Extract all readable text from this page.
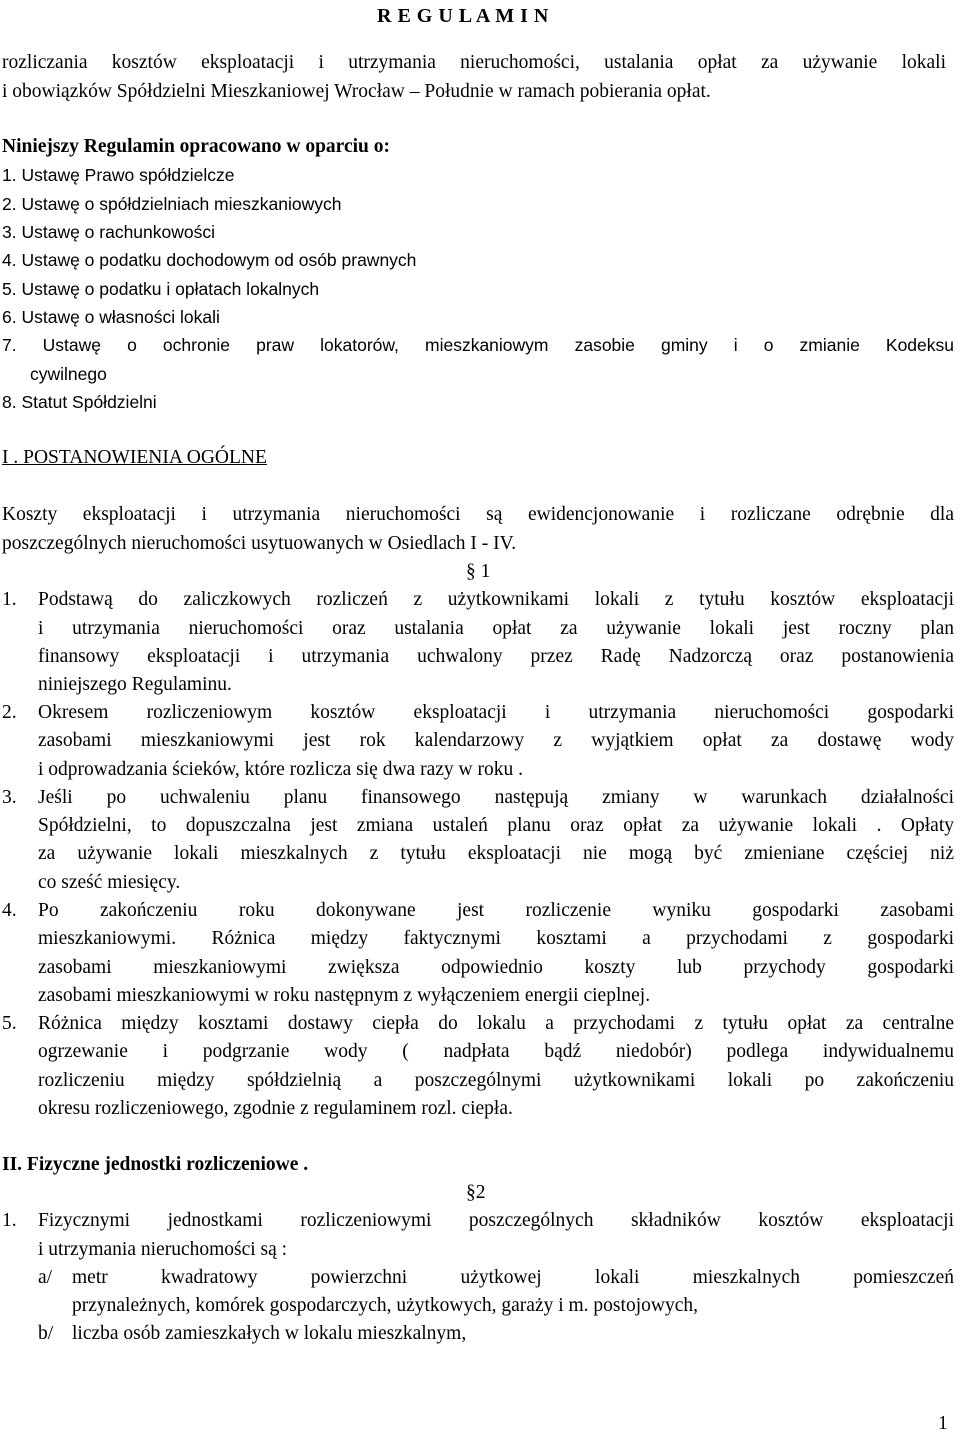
R E G U L A M I N
rozliczania kosztów eksploatacji i utrzymania nieruchomości, ustalania opłat za używanie lokali
i obowiązków Spółdzielni Mieszkaniowej Wrocław – Południe w ramach pobierania opłat.
Niniejszy Regulamin opracowano w oparciu o:
1. Ustawę Prawo spółdzielcze
2. Ustawę o spółdzielniach mieszkaniowych
3. Ustawę o rachunkowości
4. Ustawę o podatku dochodowym od osób prawnych
5. Ustawę o podatku i opłatach lokalnych
6. Ustawę o własności lokali
7. Ustawę o ochronie praw lokatorów, mieszkaniowym zasobie gminy i o zmianie Kodeksu
cywilnego
8. Statut Spółdzielni
I . POSTANOWIENIA OGÓLNE
Koszty eksploatacji i utrzymania nieruchomości są ewidencjonowanie i rozliczane odrębnie dla
poszczególnych nieruchomości usytuowanych w Osiedlach I - IV.
§ 1
1. Podstawą do zaliczkowych rozliczeń z użytkownikami lokali z tytułu kosztów eksploatacji
i utrzymania nieruchomości oraz ustalania opłat za używanie lokali jest roczny plan
finansowy eksploatacji i utrzymania uchwalony przez Radę Nadzorczą oraz postanowienia
niniejszego Regulaminu.
2. Okresem rozliczeniowym kosztów eksploatacji i utrzymania nieruchomości gospodarki
zasobami mieszkaniowymi jest rok kalendarzowy z wyjątkiem opłat za dostawę wody
i odprowadzania ścieków, które rozlicza się dwa razy w roku .
3. Jeśli po uchwaleniu planu finansowego następują zmiany w warunkach działalności
Spółdzielni, to dopuszczalna jest zmiana ustaleń planu oraz opłat za używanie lokali . Opłaty
za używanie lokali mieszkalnych z tytułu eksploatacji nie mogą być zmieniane częściej niż
co sześć miesięcy.
4. Po zakończeniu roku dokonywane jest rozliczenie wyniku gospodarki zasobami
mieszkaniowymi. Różnica między faktycznymi kosztami a przychodami z gospodarki
zasobami mieszkaniowymi zwiększa odpowiednio koszty lub przychody gospodarki
zasobami mieszkaniowymi w roku następnym z wyłączeniem energii cieplnej.
5. Różnica między kosztami dostawy ciepła do lokalu a przychodami z tytułu opłat za centralne
ogrzewanie i podgrzanie wody ( nadpłata bądź niedobór) podlega indywidualnemu
rozliczeniu między spółdzielnią a poszczególnymi użytkownikami lokali po zakończeniu
okresu rozliczeniowego, zgodnie z regulaminem rozl. ciepła.
II. Fizyczne jednostki rozliczeniowe .
§2
1. Fizycznymi jednostkami rozliczeniowymi poszczególnych składników kosztów eksploatacji
i utrzymania nieruchomości są :
a/ metr kwadratowy powierzchni użytkowej lokali mieszkalnych pomieszczeń
przynależnych, komórek gospodarczych, użytkowych, garaży i m. postojowych,
b/ liczba osób zamieszkałych w lokalu mieszkalnym,
1
